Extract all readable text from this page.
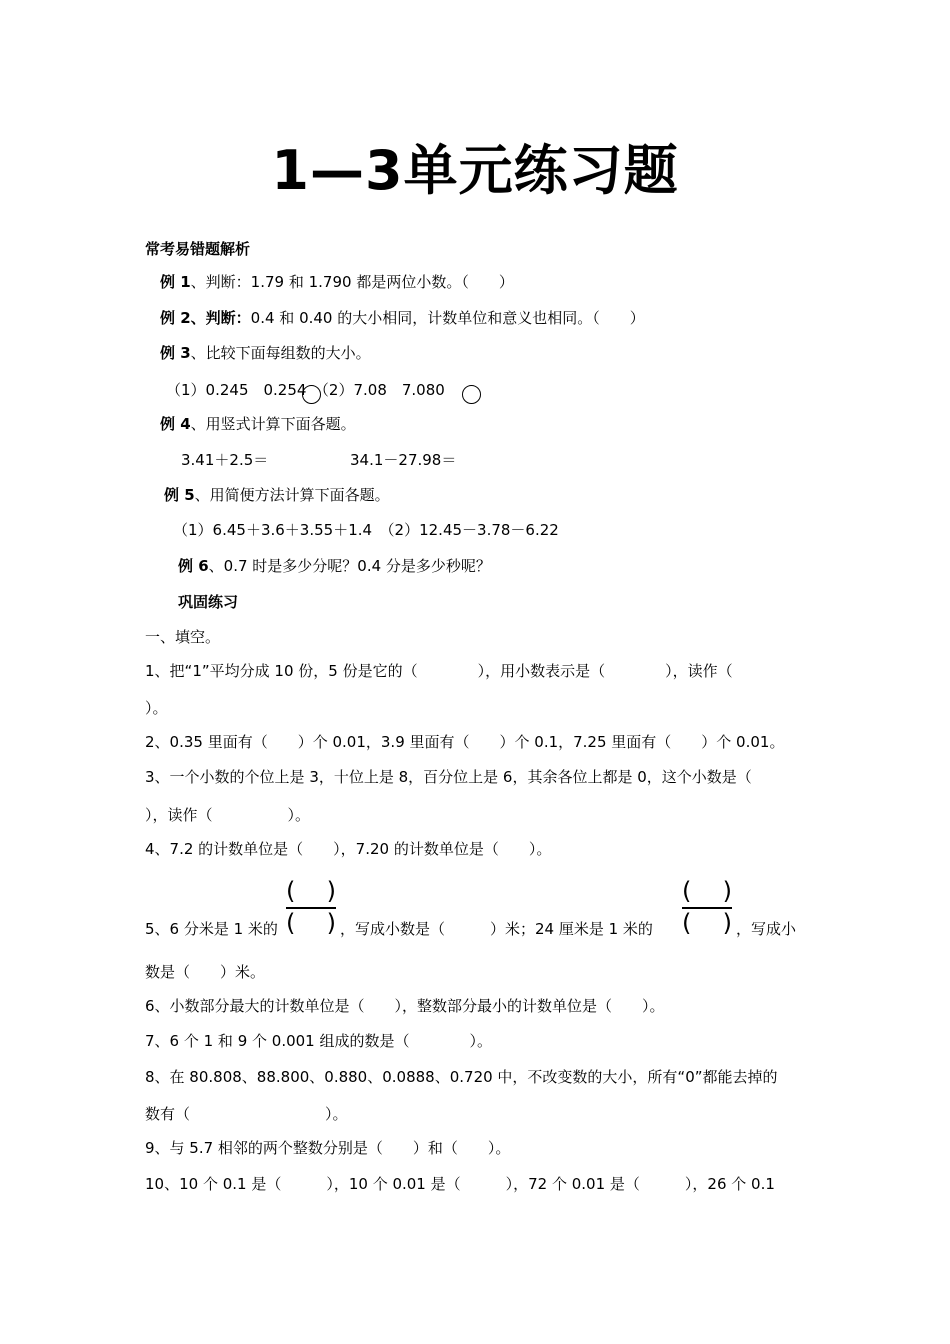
1—3单元练习题
常考易错题解析
例 1、判断：1.79 和 1.790 都是两位小数。（　　）
例 2、判断：0.4 和 0.40 的大小相同，计数单位和意义也相同。（　　）
例 3、比较下面每组数的大小。
（1）0.245　0.254　（2）7.08　7.080
例 4、用竖式计算下面各题。
3.41＋2.5＝	34.1－27.98＝
例 5、用简便方法计算下面各题。
（1）6.45＋3.6＋3.55＋1.4　（2）12.45－3.78－6.22
例 6、0.7 时是多少分呢？0.4 分是多少秒呢？
巩固练习
一、填空。
1、把“1”平均分成 10 份，5 份是它的（　　　　），用小数表示是（　　　　），读作（
）。
2、0.35 里面有（　　）个 0.01，3.9 里面有（　　）个 0.1，7.25 里面有（　　）个 0.01。
3、一个小数的个位上是 3，十位上是 8，百分位上是 6，其余各位上都是 0，这个小数是（
），读作（　　　　　）。
4、7.2 的计数单位是（　　），7.20 的计数单位是（　　）。
5、6 分米是 1 米的
( )
( ) ，写成小数是（　　　）米；24 厘米是 1 米的
( )
( ) ，写成小
数是（　　）米。
6、小数部分最大的计数单位是（　　），整数部分最小的计数单位是（　　）。
7、6 个 1 和 9 个 0.001 组成的数是（　　　　）。
8、在 80.808、88.800、0.880、0.0888、0.720 中，不改变数的大小，所有“0”都能去掉的
数有（　　　　　　　　　）。
9、与 5.7 相邻的两个整数分别是（　　）和（　　）。
10、10 个 0.1 是（　　　），10 个 0.01 是（　　　），72 个 0.01 是（　　　），26 个 0.1
